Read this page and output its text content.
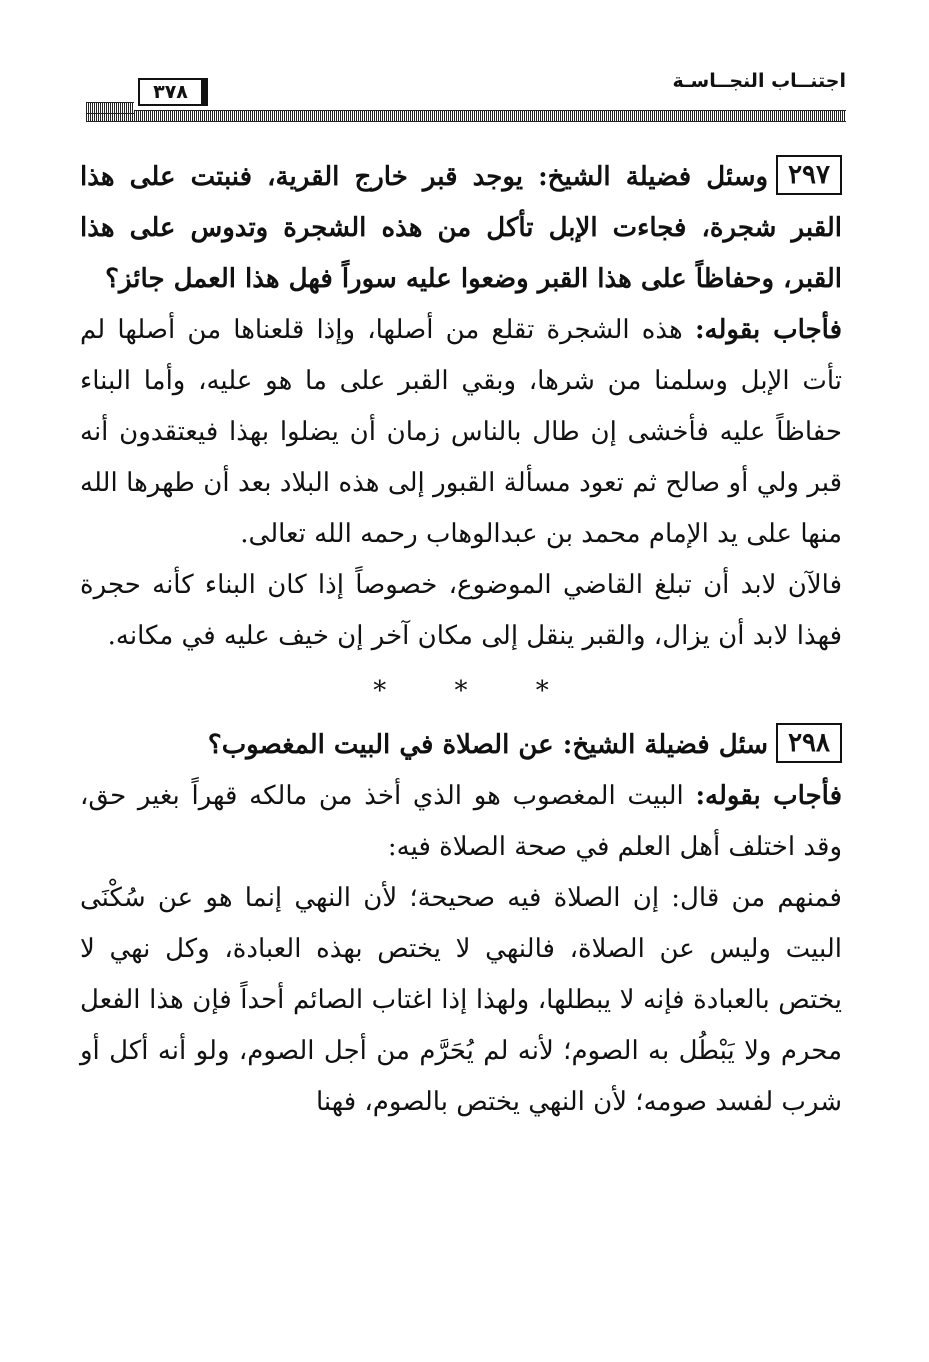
اجتنــاب النجــاسـة
٣٧٨

٢٩٧وسئل فضيلة الشيخ: يوجد قبر خارج القرية، فنبتت على هذا القبر شجرة، فجاءت الإبل تأكل من هذه الشجرة وتدوس على هذا القبر، وحفاظاً على هذا القبر وضعوا عليه سوراً فهل هذا العمل جائز؟

فأجاب بقوله: هذه الشجرة تقلع من أصلها، وإذا قلعناها من أصلها لم تأت الإبل وسلمنا من شرها، وبقي القبر على ما هو عليه، وأما البناء حفاظاً عليه فأخشى إن طال بالناس زمان أن يضلوا بهذا فيعتقدون أنه قبر ولي أو صالح ثم تعود مسألة القبور إلى هذه البلاد بعد أن طهرها الله منها على يد الإمام محمد بن عبدالوهاب رحمه الله تعالى.

فالآن لابد أن تبلغ القاضي الموضوع، خصوصاً إذا كان البناء كأنه حجرة فهذا لابد أن يزال، والقبر ينقل إلى مكان آخر إن خيف عليه في مكانه.

* * *

٢٩٨سئل فضيلة الشيخ: عن الصلاة في البيت المغصوب؟

فأجاب بقوله: البيت المغصوب هو الذي أخذ من مالكه قهراً بغير حق، وقد اختلف أهل العلم في صحة الصلاة فيه:

فمنهم من قال: إن الصلاة فيه صحيحة؛ لأن النهي إنما هو عن سُكْنَى البيت وليس عن الصلاة، فالنهي لا يختص بهذه العبادة، وكل نهي لا يختص بالعبادة فإنه لا يبطلها، ولهذا إذا اغتاب الصائم أحداً فإن هذا الفعل محرم ولا يَبْطُل به الصوم؛ لأنه لم يُحَرَّم من أجل الصوم، ولو أنه أكل أو شرب لفسد صومه؛ لأن النهي يختص بالصوم، فهنا
